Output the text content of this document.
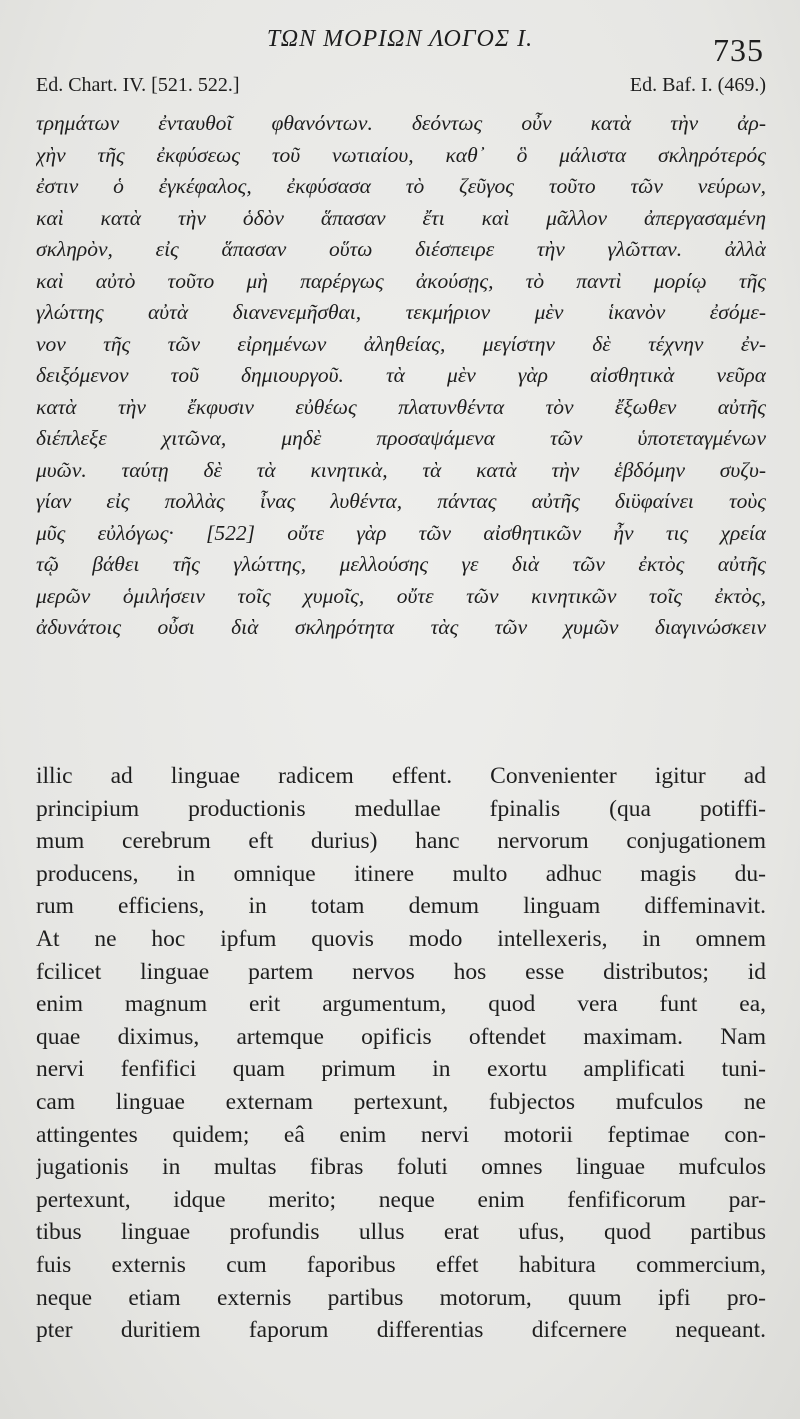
ΤΩΝ ΜΟΡΙΩΝ ΛΟΓΟΣ Ι.	735
Ed. Chart. IV. [521. 522.]	Ed. Baf. I. (469.)
τρημάτων ἐνταυθοῖ φθανόντων. δεόντως οὖν κατὰ τὴν ἀρ-
χὴν τῆς ἐκφύσεως τοῦ νωτιαίου, καθ᾽ ὃ μάλιστα σκληρότερός
ἐστιν ὁ ἐγκέφαλος, ἐκφύσασα τὸ ζεῦγος τοῦτο τῶν νεύρων,
καὶ κατὰ τὴν ὁδὸν ἅπασαν ἔτι καὶ μᾶλλον ἀπεργασαμένη
σκληρὸν, εἰς ἅπασαν οὕτω διέσπειρε τὴν γλῶτταν. ἀλλὰ
καὶ αὐτὸ τοῦτο μὴ παρέργως ἀκούσῃς, τὸ παντὶ μορίῳ τῆς
γλώττης αὐτὰ διανενεμῆσθαι, τεκμήριον μὲν ἱκανὸν ἐσόμε-
νον τῆς τῶν εἰρημένων ἀληθείας, μεγίστην δὲ τέχνην ἐν-
δειξόμενον τοῦ δημιουργοῦ. τὰ μὲν γὰρ αἰσθητικὰ νεῦρα
κατὰ τὴν ἔκφυσιν εὐθέως πλατυνθέντα τὸν ἔξωθεν αὐτῆς
διέπλεξε χιτῶνα, μηδὲ προσαψάμενα τῶν ὑποτεταγμένων
μυῶν. ταύτῃ δὲ τὰ κινητικὰ, τὰ κατὰ τὴν ἑβδόμην συζυ-
γίαν εἰς πολλὰς ἶνας λυθέντα, πάντας αὐτῆς διϋφαίνει τοὺς
μῦς εὐλόγως· [522] οὔτε γὰρ τῶν αἰσθητικῶν ἦν τις χρεία
τῷ βάθει τῆς γλώττης, μελλούσης γε διὰ τῶν ἐκτὸς αὐτῆς
μερῶν ὁμιλήσειν τοῖς χυμοῖς, οὔτε τῶν κινητικῶν τοῖς ἐκτὸς,
ἀδυνάτοις οὖσι διὰ σκληρότητα τὰς τῶν χυμῶν διαγινώσκειν
illic ad linguae radicem effent. Convenienter igitur ad
principium productionis medullae fpinalis (qua potiffi-
mum cerebrum eft durius) hanc nervorum conjugationem
producens, in omnique itinere multo adhuc magis du-
rum efficiens, in totam demum linguam diffeminavit.
At ne hoc ipfum quovis modo intellexeris, in omnem
fcilicet linguae partem nervos hos esse distributos; id
enim magnum erit argumentum, quod vera funt ea,
quae diximus, artemque opificis oftendet maximam. Nam
nervi fenfifici quam primum in exortu amplificati tuni-
cam linguae externam pertexunt, fubjectos mufculos ne
attingentes quidem; eâ enim nervi motorii feptimae con-
jugationis in multas fibras foluti omnes linguae mufculos
pertexunt, idque merito; neque enim fenfificorum par-
tibus linguae profundis ullus erat ufus, quod partibus
fuis externis cum faporibus effet habitura commercium,
neque etiam externis partibus motorum, quum ipfi pro-
pter duritiem faporum differentias difcernere nequeant.
